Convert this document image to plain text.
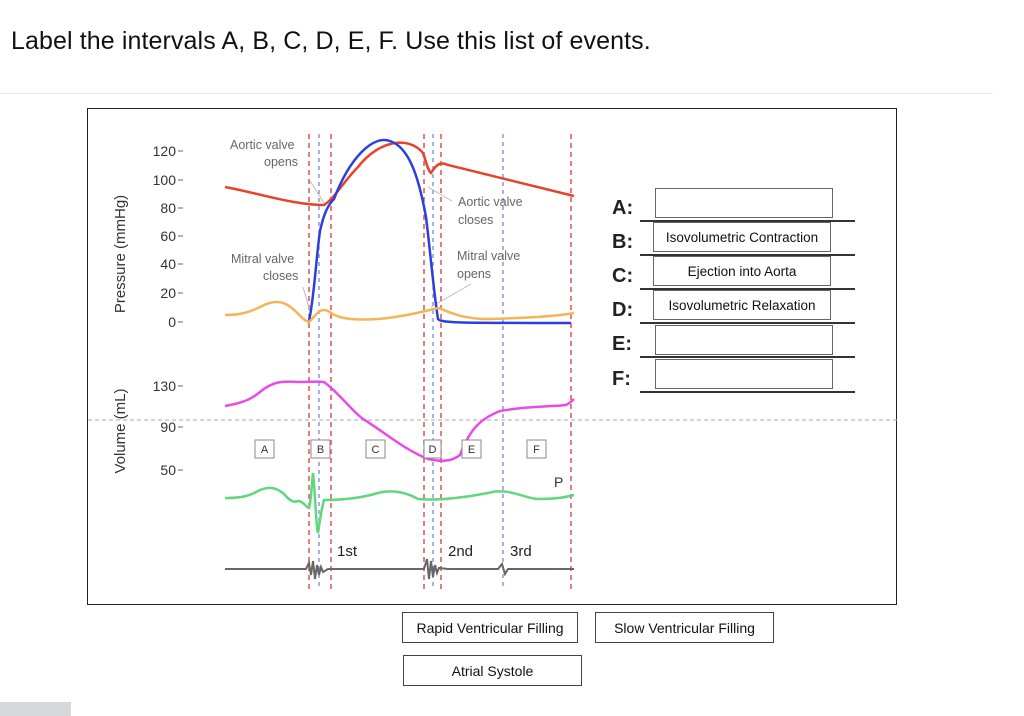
Label the intervals A, B, C, D, E, F. Use this list of events.
Pressure (mmHg)
Volume (mL)
120
100
80
60
40
20
0
130
90
50
Aortic valve
opens
Aortic valve
closes
Mitral valve
closes
Mitral valve
opens
A	B	C	D	E	F
P
1st	2nd 3rd
A:
B:	Isovolumetric Contraction
C:	Ejection into Aorta
D:	Isovolumetric Relaxation
E:
F:
Rapid Ventricular Filling	Slow Ventricular Filling
Atrial Systole
